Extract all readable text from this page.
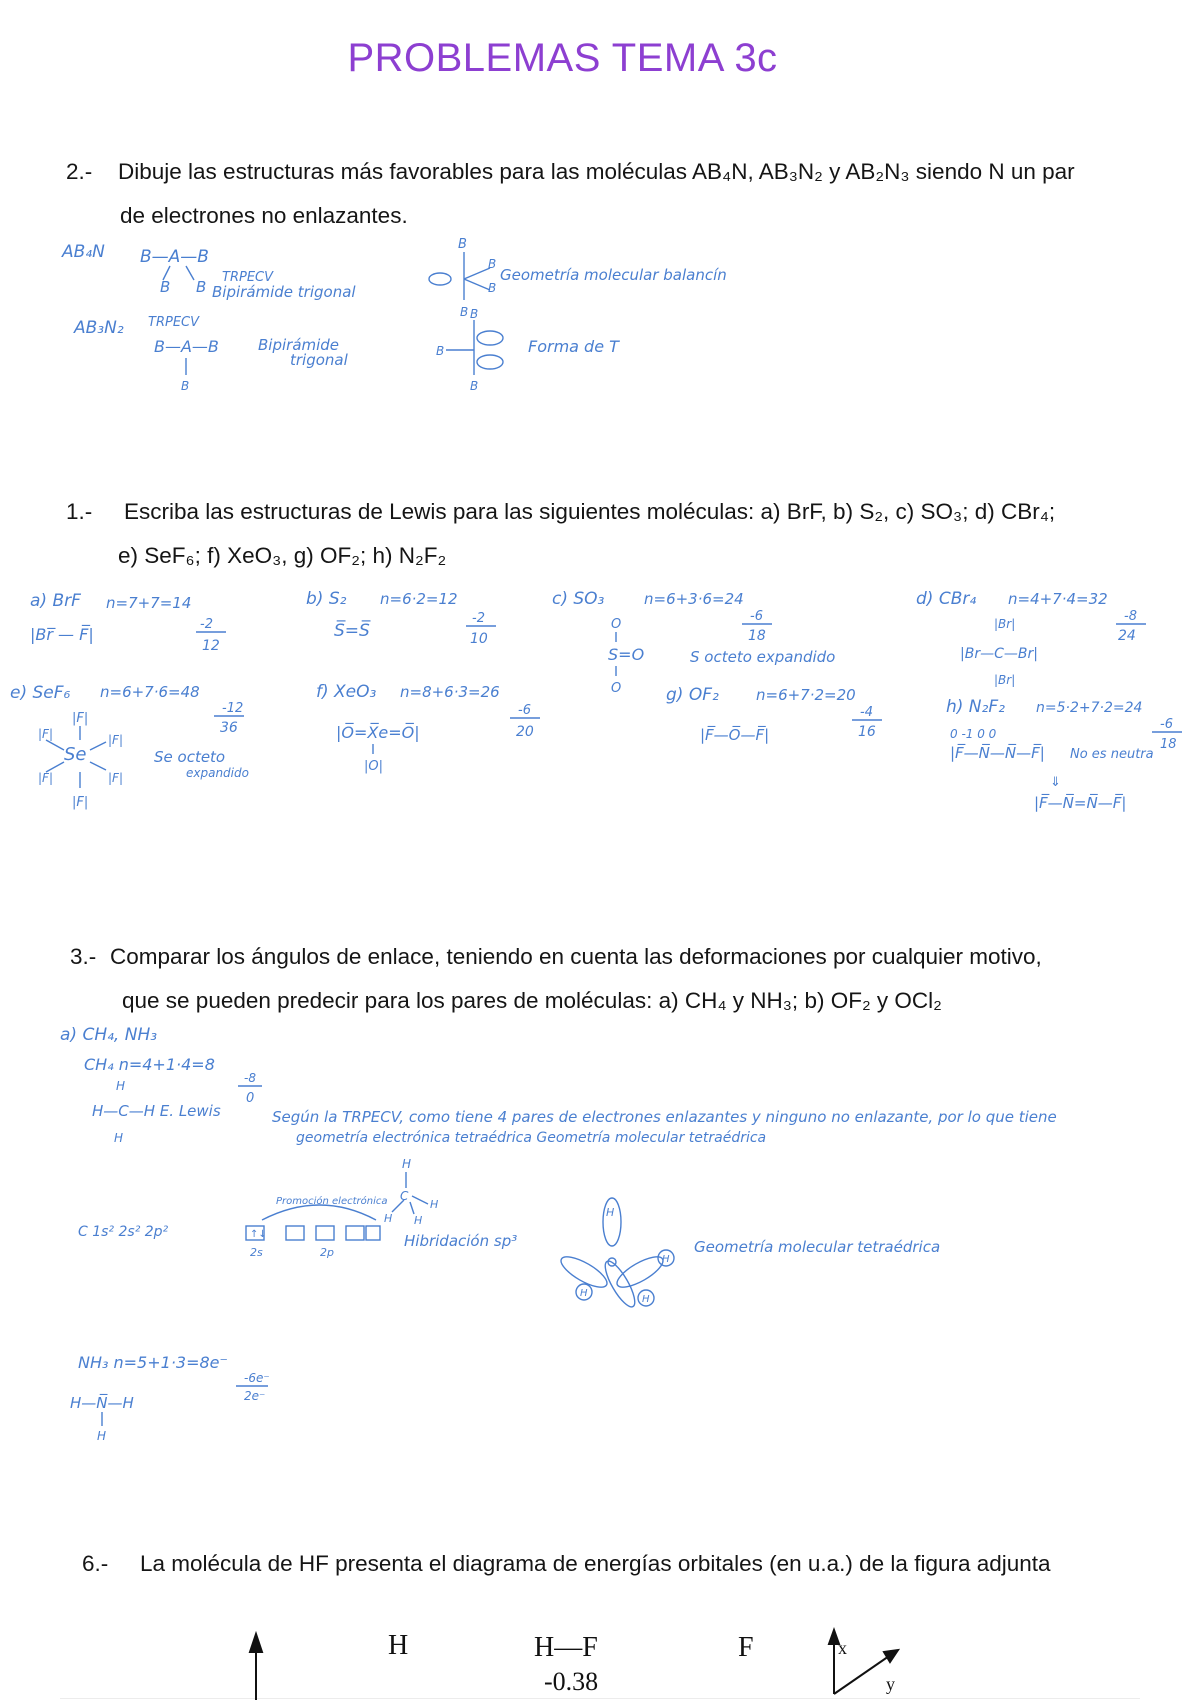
PROBLEMAS TEMA 3c
2.- Dibuje las estructuras más favorables para las moléculas AB₄N, AB₃N₂ y AB₂N₃ siendo N un par
de electrones no enlazantes.
1.- Escriba las estructuras de Lewis para las siguientes moléculas: a) BrF, b) S₂, c) SO₃; d) CBr₄;
e) SeF₆; f) XeO₃, g) OF₂; h) N₂F₂
3.- Comparar los ángulos de enlace, teniendo en cuenta las deformaciones por cualquier motivo,
que se pueden predecir para los pares de moléculas: a) CH₄ y NH₃; b) OF₂ y OCl₂
6.- La molécula de HF presenta el diagrama de energías orbitales (en u.a.) de la figura adjunta
AB₄N B—A—B
B B
TRPECV
Bipirámide trigonal
B
B
B
B
Geometría molecular balancín
AB₃N₂ TRPECV
B—A—B
B
Bipirámide
trigonal	B
B
B
Forma de T
a) BrF n=7+7=14
-2
12
|Br̅ — F̅|
b) S₂ n=6·2=12
-2
10
S̅=S̅
c) SO₃	n=6+3·6=24
-6
18
O
S=O
O
S octeto expandido
d) CBr₄ n=4+7·4=32
-8
24
|Br|
|Br—C—Br|
|Br|
e) SeF₆ n=6+7·6=48
-12
36
|F|
Se
|F|
|F|
|F|
|F|
|F|
Se octeto
expandido
f) XeO₃ n=8+6·3=26
-6
20
|O̅=X̅e=O̅|
|O|
g) OF₂ n=6+7·2=20
-4
16
|F̅—O̅—F̅|
h) N₂F₂ n=5·2+7·2=24
-6
18
0 -1 0 0
|F̅—N̅—N̅—F̅| No es neutra
⇓
|F̅—N̅=N̅—F̅|
a) CH₄, NH₃
CH₄ n=4+1·4=8
-8
0
H
H—C—H E. Lewis
H
Según la TRPECV, como tiene 4 pares de electrones enlazantes y ninguno no enlazante, por lo que tiene
geometría electrónica tetraédrica Geometría molecular tetraédrica
H
C
H
H H
C 1s² 2s² 2p²
Promoción electrónica
↑↓
2s	2p
Hibridación sp³
H
H
H
H
Geometría molecular tetraédrica
NH₃ n=5+1·3=8e⁻
-6e⁻
2e⁻
H—N̅—H
H
H	H—F
-0.38
F	x
y
